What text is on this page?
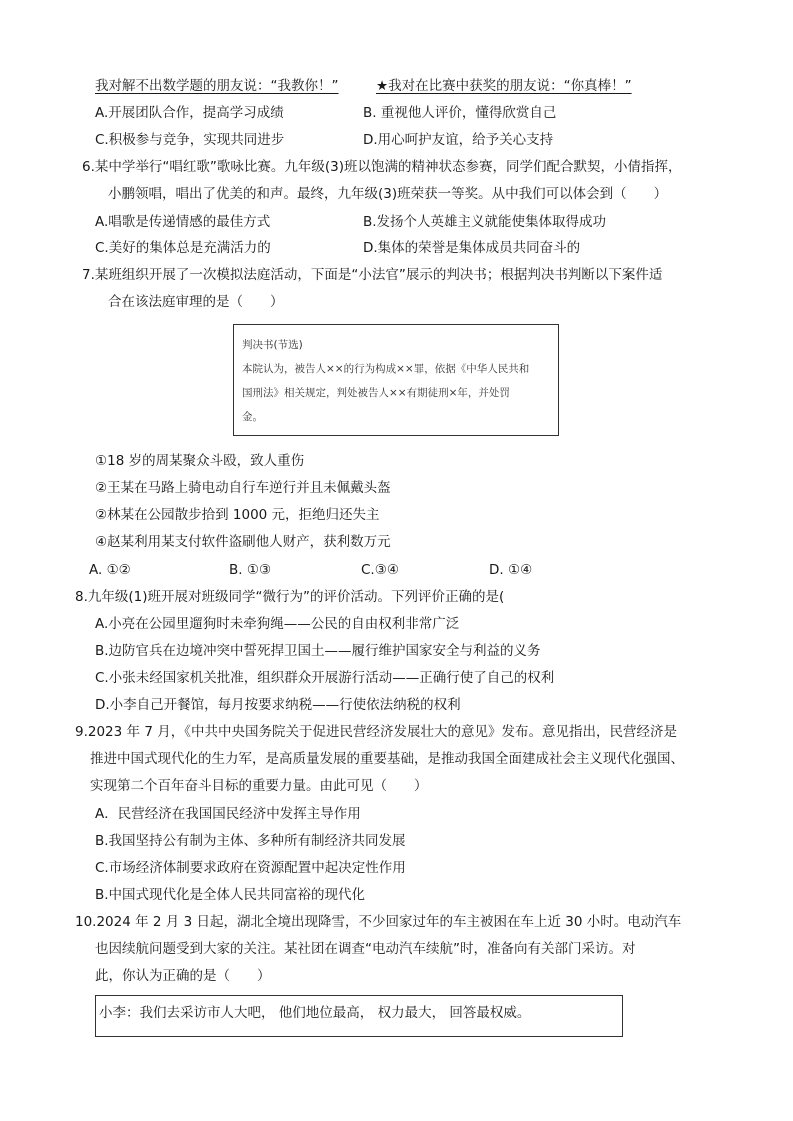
我对解不出数学题的朋友说：“我教你！”	★我对在比赛中获奖的朋友说：“你真棒！”
A.开展团队合作，提高学习成绩	B. 重视他人评价，懂得欣赏自己
C.积极参与竞争，实现共同进步	D.用心呵护友谊，给予关心支持
6.某中学举行“唱红歌”歌咏比赛。九年级(3)班以饱满的精神状态参赛，同学们配合默契，小倩指挥，
小鹏领唱，唱出了优美的和声。最终，九年级(3)班荣获一等奖。从中我们可以体会到（　　）
A.唱歌是传递情感的最佳方式	B.发扬个人英雄主义就能使集体取得成功
C.美好的集体总是充满活力的	D.集体的荣誉是集体成员共同奋斗的
7.某班组织开展了一次模拟法庭活动，下面是“小法官”展示的判决书；根据判决书判断以下案件适
合在该法庭审理的是（　　）
判决书(节选)
本院认为，被告人××的行为构成××罪，依据《中华人民共和
国刑法》相关规定，判处被告人××有期徒刑×年，并处罚
金。
①18 岁的周某聚众斗殴，致人重伤
②王某在马路上骑电动自行车逆行并且未佩戴头盔
②林某在公园散步拾到 1000 元，拒绝归还失主
④赵某利用某支付软件盗刷他人财产，获利数万元
A. ①②	B. ①③	C.③④	D. ①④
8.九年级(1)班开展对班级同学“微行为”的评价活动。下列评价正确的是(
A.小亮在公园里遛狗时未牵狗绳——公民的自由权利非常广泛
B.边防官兵在边境冲突中誓死捍卫国土——履行维护国家安全与利益的义务
C.小张未经国家机关批准，组织群众开展游行活动——正确行使了自己的权利
D.小李自己开餐馆，每月按要求纳税——行使依法纳税的权利
9.2023 年 7 月，《中共中央国务院关于促进民营经济发展壮大的意见》发布。意见指出，民营经济是
推进中国式现代化的生力军，是高质量发展的重要基础，是推动我国全面建成社会主义现代化强国、
实现第二个百年奋斗目标的重要力量。由此可见（　　）
A．民营经济在我国国民经济中发挥主导作用
B.我国坚持公有制为主体、多种所有制经济共同发展
C.市场经济体制要求政府在资源配置中起决定性作用
B.中国式现代化是全体人民共同富裕的现代化
10.2024 年 2 月 3 日起，湖北全境出现降雪，不少回家过年的车主被困在车上近 30 小时。电动汽车
也因续航问题受到大家的关注。某社团在调查“电动汽车续航”时，准备向有关部门采访。对
此，你认为正确的是（　　）
小李：我们去采访市人大吧， 他们地位最高， 权力最大， 回答最权威。
